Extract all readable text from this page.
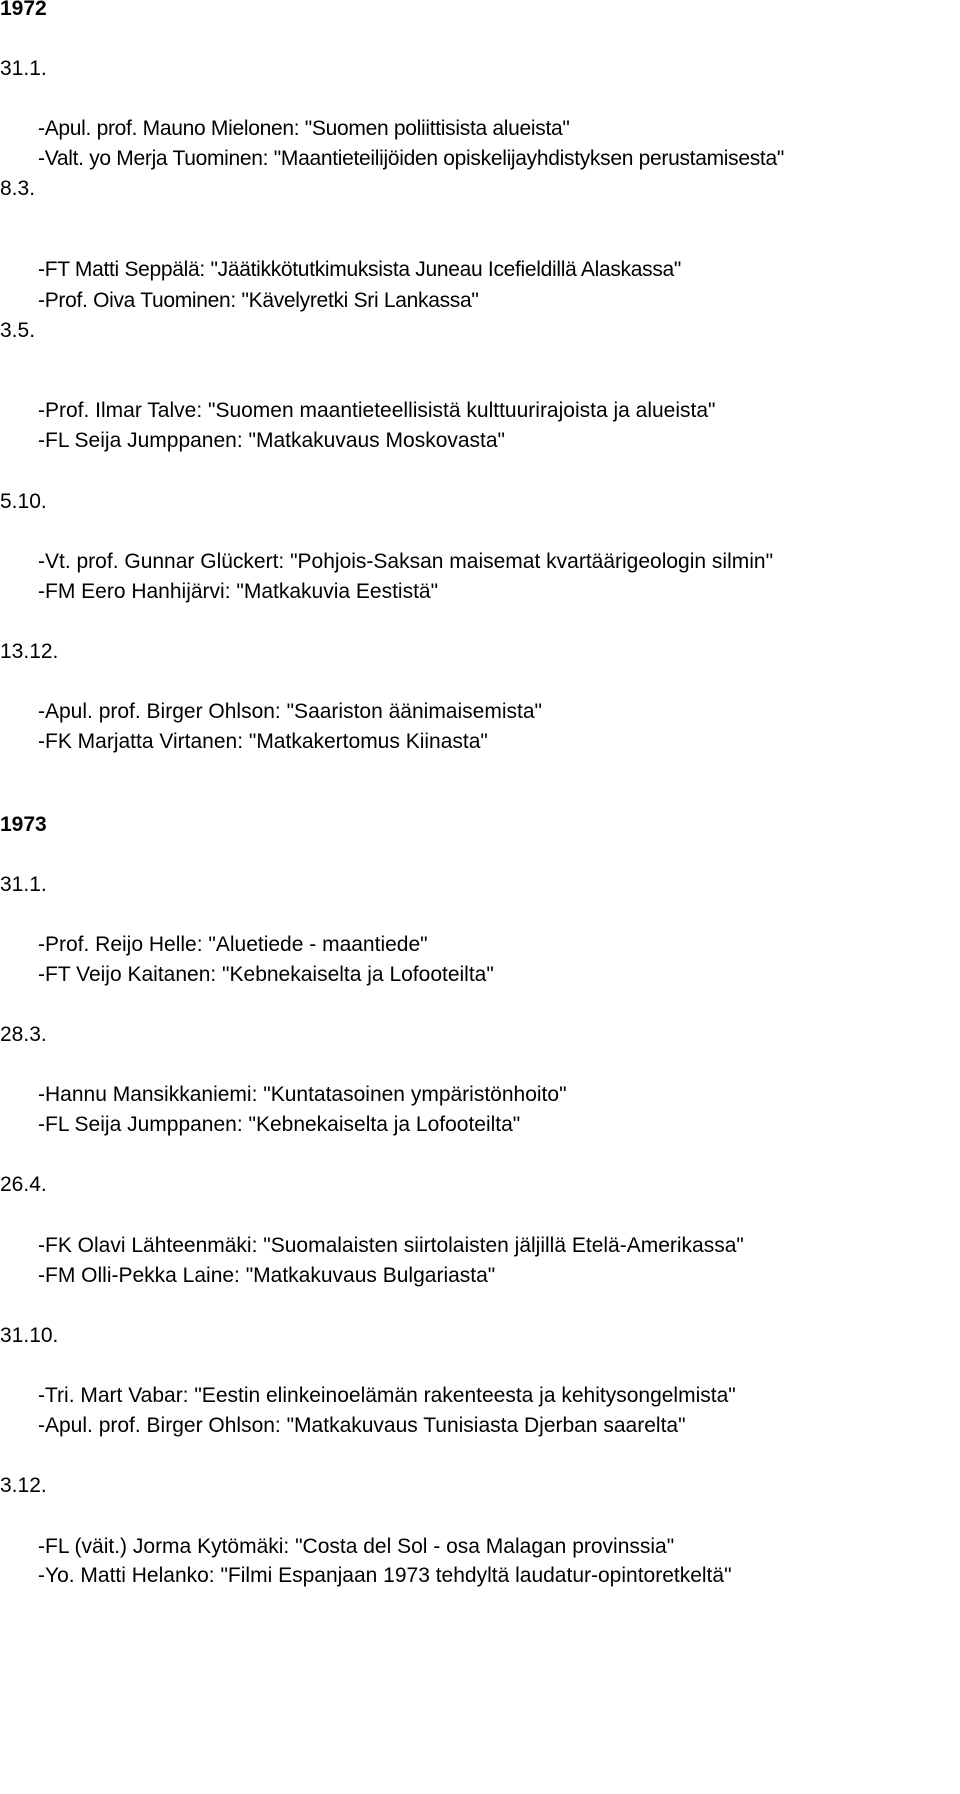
1972
31.1.
-Apul. prof. Mauno Mielonen: "Suomen poliittisista alueista"
-Valt. yo Merja Tuominen: "Maantieteilijöiden opiskelijayhdistyksen perustamisesta"
8.3.
-FT Matti Seppälä: "Jäätikkötutkimuksista Juneau Icefieldillä Alaskassa"
-Prof. Oiva Tuominen: "Kävelyretki Sri Lankassa"
3.5.
-Prof. Ilmar Talve: "Suomen maantieteellisistä kulttuurirajoista ja alueista"
-FL Seija Jumppanen: "Matkakuvaus Moskovasta"
5.10.
-Vt. prof. Gunnar Glückert: "Pohjois-Saksan maisemat kvartäärigeologin silmin"
-FM Eero Hanhijärvi: "Matkakuvia Eestistä"
13.12.
-Apul. prof. Birger Ohlson: "Saariston äänimaisemista"
-FK Marjatta Virtanen: "Matkakertomus Kiinasta"
1973
31.1.
-Prof. Reijo Helle: "Aluetiede - maantiede"
-FT Veijo Kaitanen: "Kebnekaiselta ja Lofooteilta"
28.3.
-Hannu Mansikkaniemi: "Kuntatasoinen ympäristönhoito"
-FL Seija Jumppanen: "Kebnekaiselta ja Lofooteilta"
26.4.
-FK Olavi Lähteenmäki: "Suomalaisten siirtolaisten jäljillä Etelä-Amerikassa"
-FM Olli-Pekka Laine: "Matkakuvaus Bulgariasta"
31.10.
-Tri. Mart Vabar: "Eestin elinkeinoelämän rakenteesta ja kehitysongelmista"
-Apul. prof. Birger Ohlson: "Matkakuvaus Tunisiasta Djerban saarelta"
3.12.
-FL (väit.) Jorma Kytömäki: "Costa del Sol - osa Malagan provinssia"
-Yo. Matti Helanko: "Filmi Espanjaan 1973 tehdyltä laudatur-opintoretkeltä"
